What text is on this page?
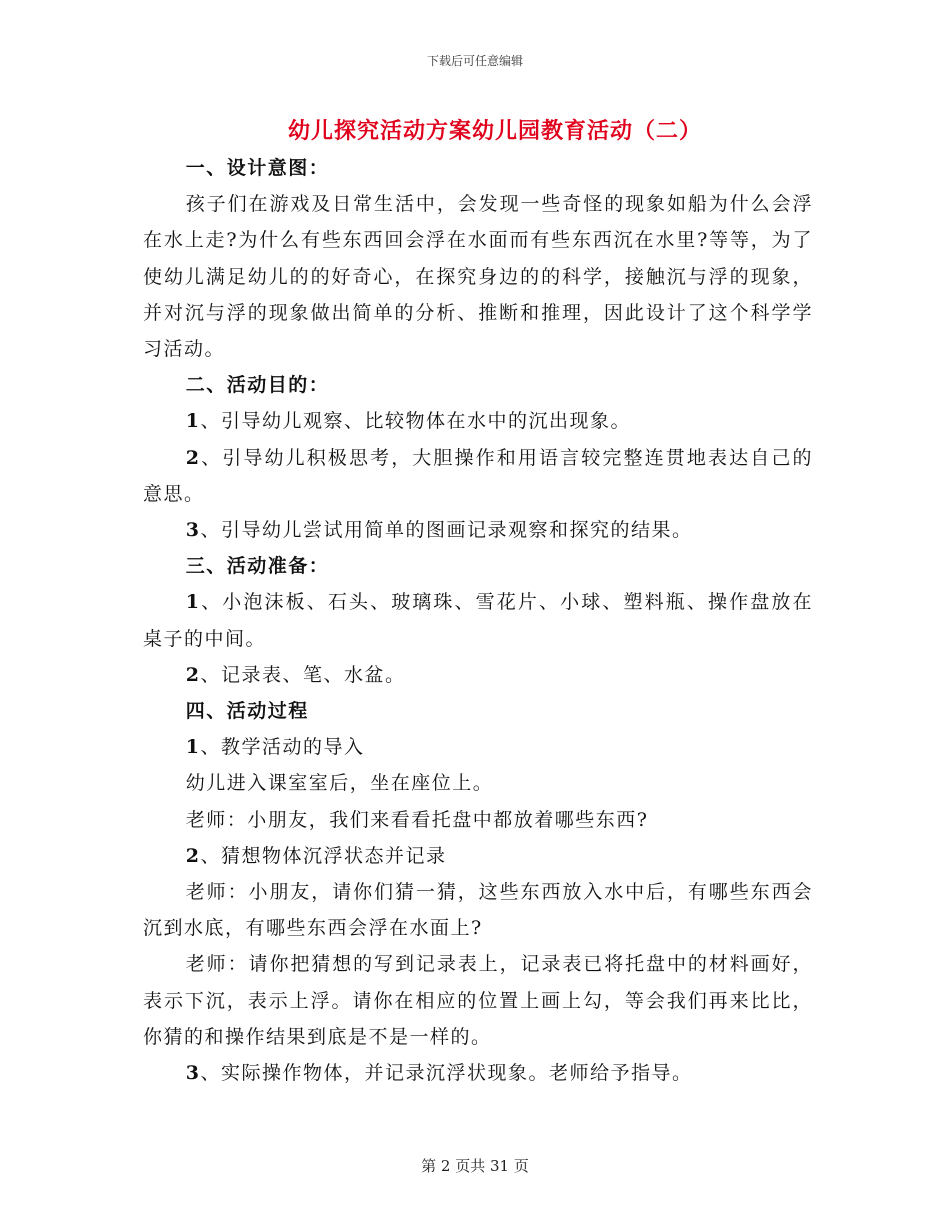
下载后可任意编辑
幼儿探究活动方案幼儿园教育活动（二）

一、设计意图：

孩子们在游戏及日常生活中，会发现一些奇怪的现象如船为什么会浮在水上走?为什么有些东西回会浮在水面而有些东西沉在水里?等等，为了使幼儿满足幼儿的的好奇心，在探究身边的的科学，接触沉与浮的现象，并对沉与浮的现象做出简单的分析、推断和推理，因此设计了这个科学学习活动。

二、活动目的：

1、引导幼儿观察、比较物体在水中的沉出现象。

2、引导幼儿积极思考，大胆操作和用语言较完整连贯地表达自己的意思。

3、引导幼儿尝试用简单的图画记录观察和探究的结果。

三、活动准备：

1、小泡沫板、石头、玻璃珠、雪花片、小球、塑料瓶、操作盘放在桌子的中间。

2、记录表、笔、水盆。

四、活动过程

1、教学活动的导入

幼儿进入课室室后，坐在座位上。

老师：小朋友，我们来看看托盘中都放着哪些东西?

2、猜想物体沉浮状态并记录

老师：小朋友，请你们猜一猜，这些东西放入水中后，有哪些东西会沉到水底，有哪些东西会浮在水面上?

老师：请你把猜想的写到记录表上，记录表已将托盘中的材料画好，表示下沉，表示上浮。请你在相应的位置上画上勾，等会我们再来比比，你猜的和操作结果到底是不是一样的。

3、实际操作物体，并记录沉浮状现象。老师给予指导。

第 2 页共 31 页
